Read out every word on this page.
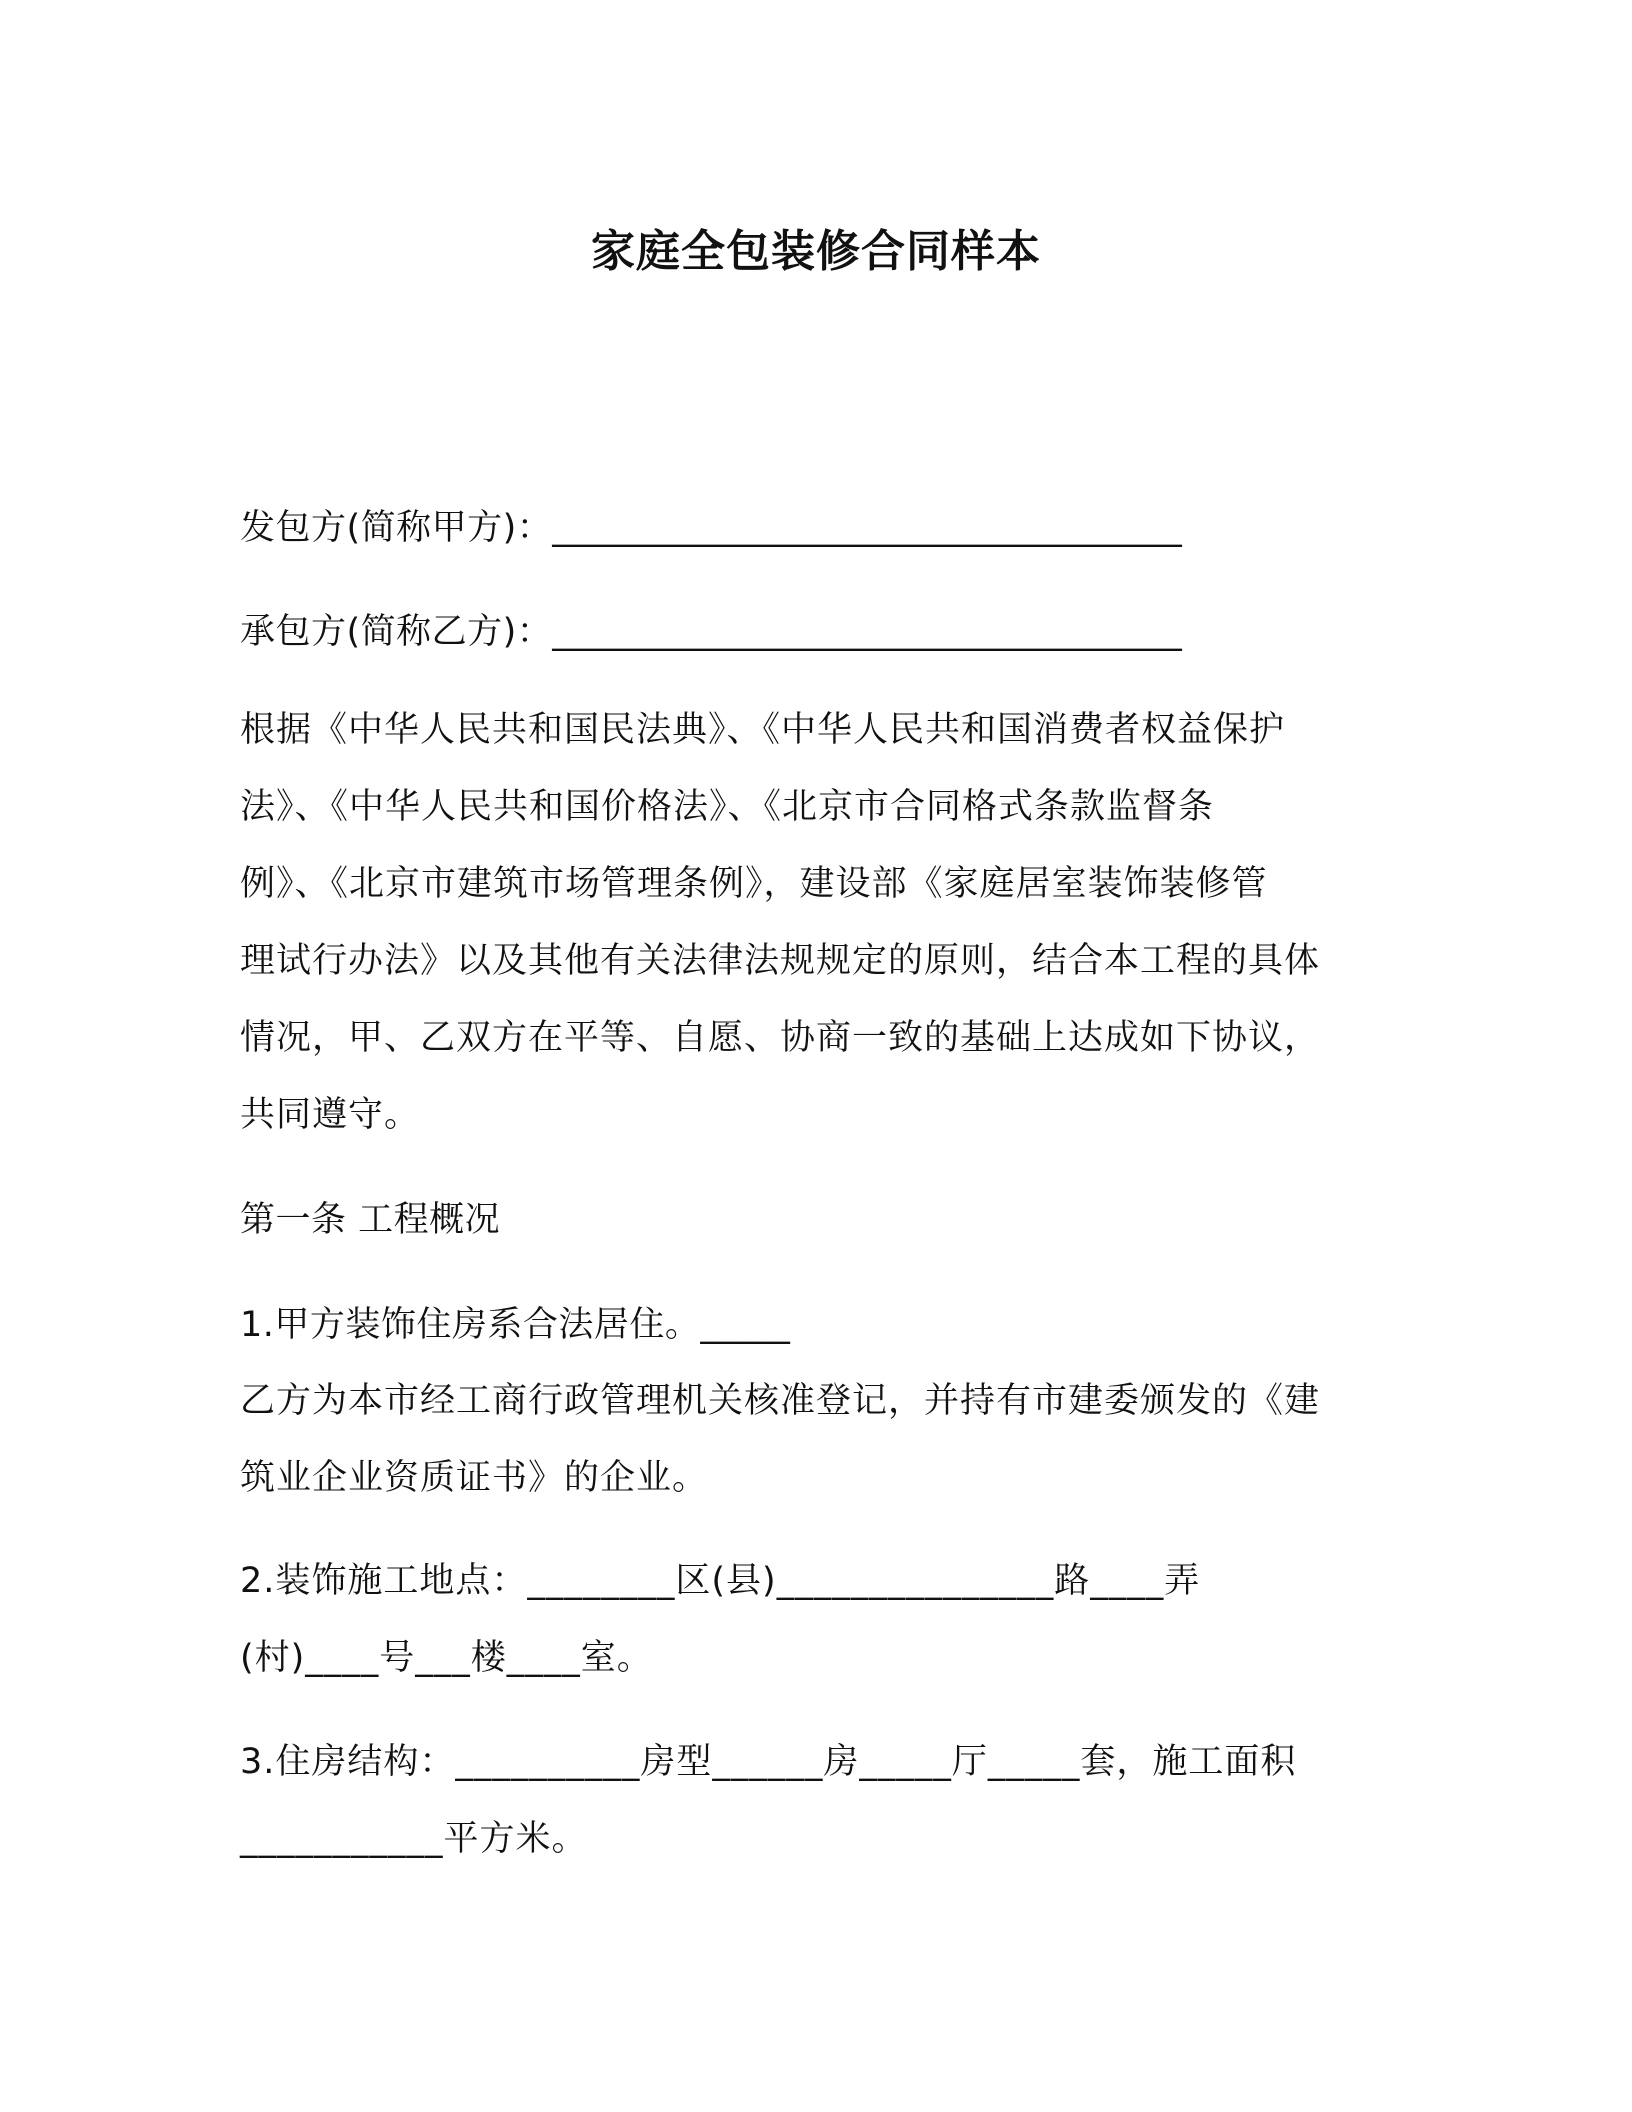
家庭全包装修合同样本
发包方(简称甲方)：___________________________________
承包方(简称乙方)：___________________________________
根据《中华人民共和国民法典》、《中华人民共和国消费者权益保护
法》、《中华人民共和国价格法》、《北京市合同格式条款监督条
例》、《北京市建筑市场管理条例》，建设部《家庭居室装饰装修管
理试行办法》以及其他有关法律法规规定的原则，结合本工程的具体
情况，甲、乙双方在平等、自愿、协商一致的基础上达成如下协议，
共同遵守。
第一条 工程概况
1.甲方装饰住房系合法居住。_____
乙方为本市经工商行政管理机关核准登记，并持有市建委颁发的《建
筑业企业资质证书》的企业。
2.装饰施工地点：________区(县)_______________路____弄
(村)____号___楼____室。
3.住房结构：__________房型______房_____厅_____套，施工面积
___________平方米。
